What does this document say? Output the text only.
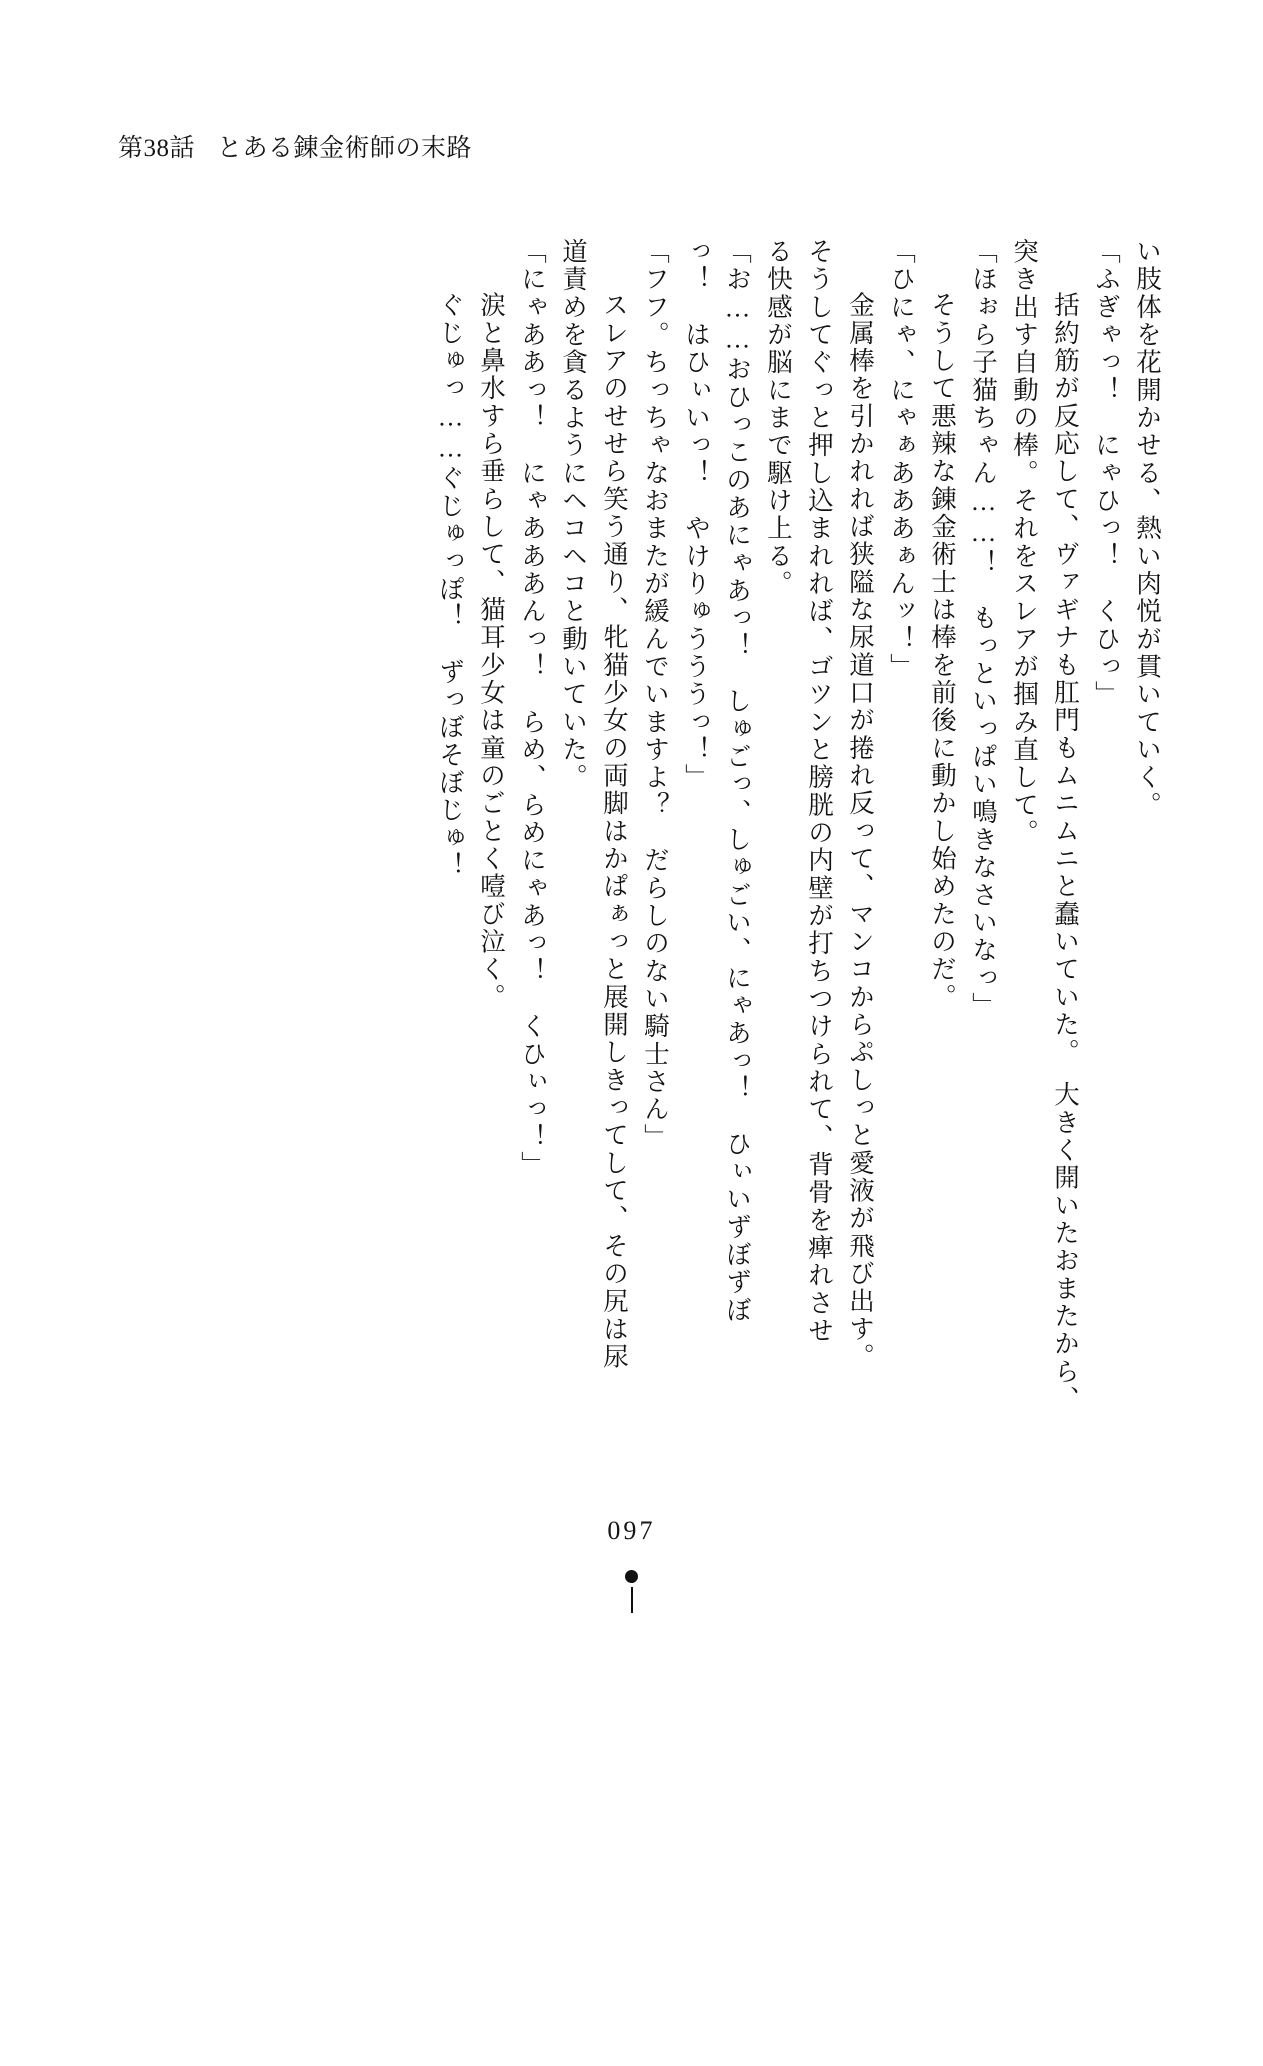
第38話 とある錬金術師の末路
い肢体を花開かせる、熱い肉悦が貫いていく。
「ふぎゃっ！　にゃひっ！　くひっ」
　括約筋が反応して、ヴァギナも肛門もムニムニと蠢いていた。　大きく開いたおまたから、
突き出す自動の棒。それをスレアが掴み直して。
「ほぉら子猫ちゃん……！　もっといっぱい鳴きなさいなっ」
　そうして悪辣な錬金術士は棒を前後に動かし始めたのだ。
「ひにゃ、にゃぁあああぁんッ！」
　金属棒を引かれれば狭隘な尿道口が捲れ反って、マンコからぷしっと愛液が飛び出す。
そうしてぐっと押し込まれれば、ゴツンと膀胱の内壁が打ちつけられて、背骨を痺れさせ
る快感が脳にまで駆け上る。
「お……おひっこのあにゃあっ！　しゅごっ、しゅごい、にゃあっ！　ひぃいずぼずぼ
っ！　はひぃいっ！　やけりゅうううっ！」
「フフ。ちっちゃなおまたが緩んでいますよ？　だらしのない騎士さん」
　スレアのせせら笑う通り、牝猫少女の両脚はかぱぁっと展開しきってして、その尻は尿
道責めを貪るようにヘコヘコと動いていた。
「にゃああっ！　にゃあああんっ！　らめ、らめにゃあっ！　くひぃっ！」
　涙と鼻水すら垂らして、猫耳少女は童のごとく噎び泣く。
　ぐじゅっ……ぐじゅっぽ！　ずっぼそぼじゅ！
097
